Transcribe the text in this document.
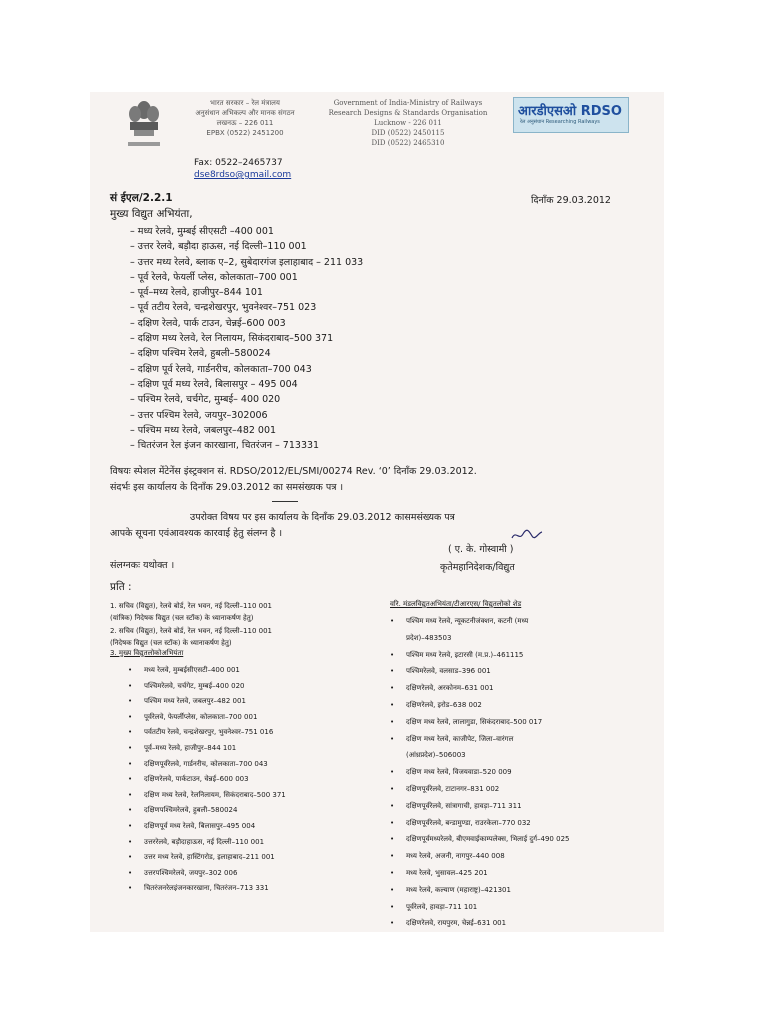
भारत सरकार – रेल मंत्रालय
अनुसंधान अभिकल्प और मानक संगठन
लखनऊ – 226 011
EPBX (0522) 2451200
Government of India-Ministry of Railways
Research Designs & Standards Organisation
Lucknow - 226 011
DID (0522) 2450115
DID (0522) 2465310
आरडीएसओ RDSO
रेल अनुसंधान Researching Railways
Fax: 0522–2465737
dse8rdso@gmail.com
सं ईएल/2.2.1	दिनाँक 29.03.2012
मुख्य विद्युत अभियंता,
– मध्य रेलवे, मुम्बई सीएसटी –400 001
– उत्तर रेलवे, बड़ौदा हाऊस, नई दिल्ली–110 001
– उत्तर मध्य रेलवे, ब्लाक ए–2, सुबेदारगंज इलाहाबाद – 211 033
– पूर्व रेलवे, फेयर्ली प्लेस, कोलकाता–700 001
– पूर्व–मध्य रेलवे, हाजीपुर–844 101
– पूर्व तटीय रेलवे, चन्द्रशेखरपुर, भुवनेश्वर–751 023
– दक्षिण रेलवे, पार्क टाउन, चेन्नई–600 003
– दक्षिण मध्य रेलवे, रेल निलायम, सिकंदराबाद–500 371
– दक्षिण पश्चिम रेलवे, हुबली–580024
– दक्षिण पूर्व रेलवे, गार्डनरीच, कोलकाता–700 043
– दक्षिण पूर्व मध्य रेलवे, बिलासपुर – 495 004
– पश्चिम रेलवे, चर्चगेट, मुम्बई– 400 020
– उत्तर पश्चिम रेलवे, जयपुर–302006
– पश्चिम मध्य रेलवे, जबलपुर–482 001
– चितरंजन रेल इंजन कारखाना, चितरंजन – 713331
विषयः स्पेशल मेंटेनेंस इंस्ट्रक्शन सं. RDSO/2012/EL/SMI/00274 Rev. ‘0’ दिनाँक 29.03.2012.
संदर्भः इस कार्यालय के दिनाँक 29.03.2012 का समसंख्यक पत्र ।
उपरोक्त विषय पर इस कार्यालय के दिनाँक 29.03.2012 कासमसंख्यक पत्र
आपके सूचना एवंआवश्यक कारवाई हेतु संलग्न है ।
संलग्नकः यथोक्त ।
( ए. के. गोस्वामी )
कृतेमहानिदेशक/विद्युत
प्रति :
1. सचिव (विद्युत), रेलवे बोर्ड, रेल भवन, नई दिल्ली–110 001
(यांत्रिक) निदेषक विद्युत (चल स्टॉक) के ध्यानाकर्षण हेतु)
2. सचिव (विद्युत), रेलवे बोर्ड, रेल भवन, नई दिल्ली–110 001
(निदेषक विद्युत (चल स्टॉक) के ध्यानाकर्षण हेतु)
3. मुख्य विद्युतलोकोअभियंता
• मध्य रेलवे, मुम्बईसीएसटी–400 001
• पश्चिमरेलवे, चर्चगेट, मुम्बई–400 020
• पश्चिम मध्य रेलवे, जबलपुर–482 001
• पूर्वरेलवे, फेयर्लीप्लेस, कोलकाता–700 001
• पर्वतटीय रेलवे, चन्द्रशेखरपुर, भुवनेश्वर–751 016
• पूर्व–मध्य रेलवे, हाजीपुर–844 101
• दक्षिणपूर्वरेलवे, गार्डनरीच, कोलकाता–700 043
• दक्षिणरेलवे, पार्कटाउन, चेन्नई–600 003
• दक्षिण मध्य रेलवे, रेलनिलायम, सिकंदराबाद–500 371
• दक्षिणपश्चिमरेलवे, हुबली–580024
• दक्षिणपूर्व मध्य रेलवे, बिलासपुर–495 004
• उत्तररेलवे, बड़ौदाहाऊस, नई दिल्ली–110 001
• उत्तर मध्य रेलवे, हास्टिंगरोड, इलाहाबाद–211 001
• उत्तरपश्चिमरेलवे, जयपुर–302 006
• चितरंजनरेलइंजनकारखाना, चितरंजन–713 331
वरि. मंडलविद्युतअभियंता/टीआरएस/ विद्युतलोको शेड
• पश्चिम मध्य रेलवे, न्यूकटनीजंक्शन, कटनी (मध्य
प्रदेश)–483503
• पश्चिम मध्य रेलवे, इटारसी (म.प्र.)–461115
• पश्चिमरेलवे, वलसाड–396 001
• दक्षिणरेलवे, अरकोनम–631 001
• दक्षिणरेलवे, इरोड–638 002
• दक्षिण मध्य रेलवे, लालागुडा, सिकंदराबाद–500 017
• दक्षिण मध्य रेलवे, काजीपेट, जिला–वारंगल
(आंध्रप्रदेश)–506003
• दक्षिण मध्य रेलवे, विजयवाडा–520 009
• दक्षिणपूर्वरेलवे, टाटानगर–831 002
• दक्षिणपूर्वरेलवे, सांत्रागाची, हावड़ा–711 311
• दक्षिणपूर्वरेलवे, बन्डामुण्डा, राउरकेला–770 032
• दक्षिणपूर्वमध्यरेलवे, बीएमवाईकाम्पलेक्स, भिलाई दुर्ग–490 025
• मध्य रेलवे, अजनी, नागपुर–440 008
• मध्य रेलवे, भुसावल–425 201
• मध्य रेलवे, कल्याण (महाराष्ट्र)–421301
• पूर्वरेलवे, हावड़ा–711 101
• दक्षिणरेलवे, रायपुरम, चेन्नई–631 001
